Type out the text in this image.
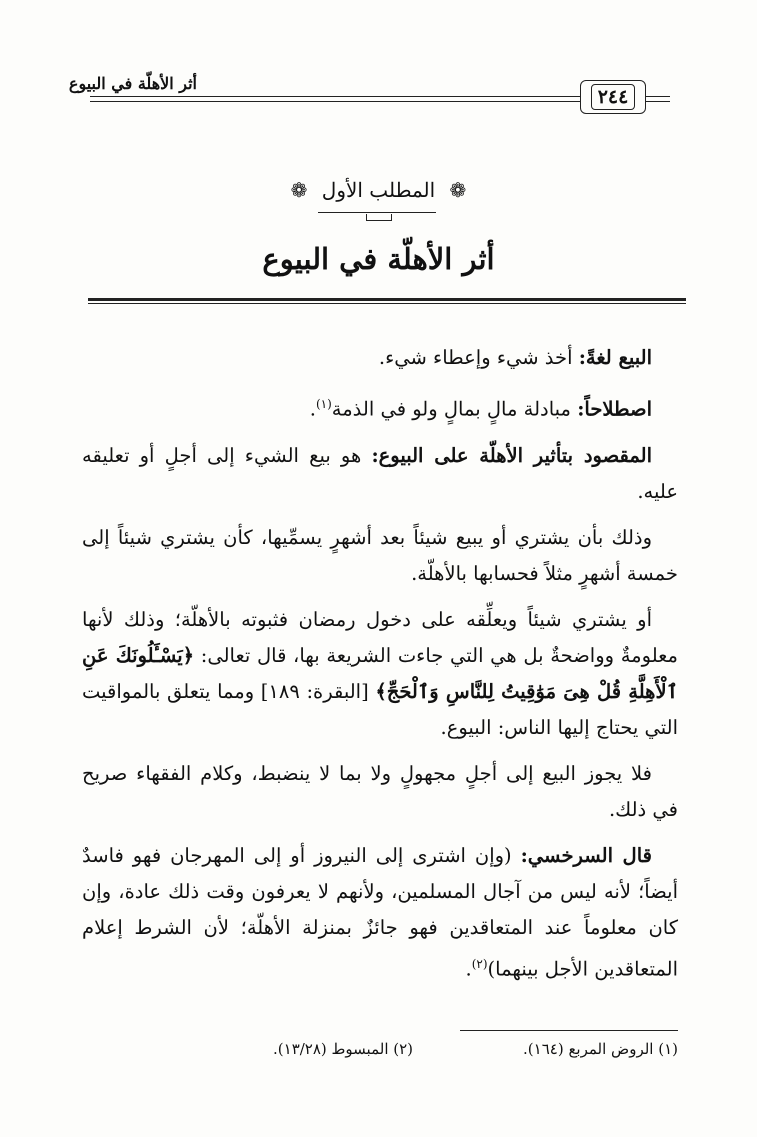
أثر الأهلّة في البيوع
٢٤٤
❁ المطلب الأول ❁
أثر الأهلّة في البيوع

البيع لغةً: أخذ شيء وإعطاء شيء.

اصطلاحاً: مبادلة مالٍ بمالٍ ولو في الذمة$^{(١)}$.

المقصود بتأثير الأهلّة على البيوع: هو بيع الشيء إلى أجلٍ أو تعليقه عليه.

وذلك بأن يشتري أو يبيع شيئاً بعد أشهرٍ يسمِّيها، كأن يشتري شيئاً إلى خمسة أشهرٍ مثلاً فحسابها بالأهلّة.

أو يشتري شيئاً ويعلِّقه على دخول رمضان فثبوته بالأهلّة؛ وذلك لأنها معلومةٌ وواضحةٌ بل هي التي جاءت الشريعة بها، قال تعالى: ﴿يَسْـَٔلُونَكَ عَنِ ٱلْأَهِلَّةِ قُلْ هِىَ مَوَٰقِيتُ لِلنَّاسِ وَٱلْحَجِّ﴾ [البقرة: ١٨٩] ومما يتعلق بالمواقيت التي يحتاج إليها الناس: البيوع.

فلا يجوز البيع إلى أجلٍ مجهولٍ ولا بما لا ينضبط، وكلام الفقهاء صريح في ذلك.

قال السرخسي: (وإن اشترى إلى النيروز أو إلى المهرجان فهو فاسدٌ أيضاً؛ لأنه ليس من آجال المسلمين، ولأنهم لا يعرفون وقت ذلك عادة، وإن كان معلوماً عند المتعاقدين فهو جائزٌ بمنزلة الأهلّة؛ لأن الشرط إعلام المتعاقدين الأجل بينهما)$^{(٢)}$.

(١) الروض المربع (١٦٤).
(٢) المبسوط (١٣/٢٨).
